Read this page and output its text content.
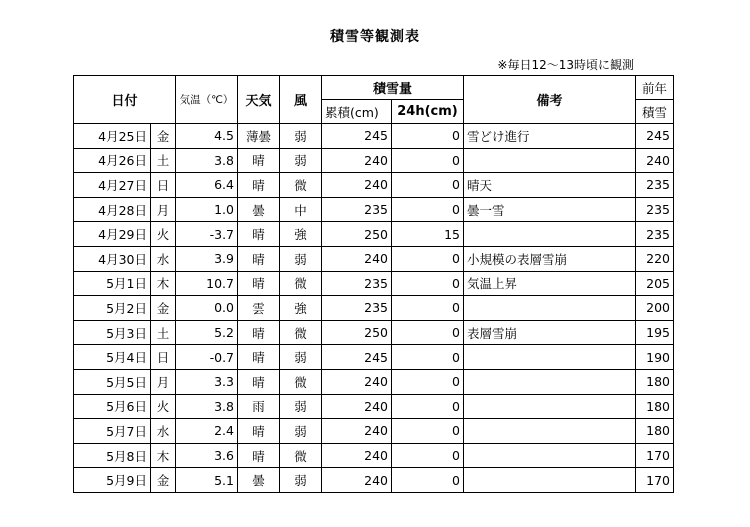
積雪等観測表
※毎日12～13時頃に観測
日付		気温（℃）	天気	風	積雪量		備考	前年
					累積(cm)	24h(cm)		積雪
4月25日	金	4.5	薄曇	弱	245	0	雪どけ進行	245
4月26日	土	3.8	晴	弱	240	0		240
4月27日	日	6.4	晴	微	240	0	晴天	235
4月28日	月	1.0	曇	中	235	0	曇一雪	235
4月29日	火	-3.7	晴	強	250	15		235
4月30日	水	3.9	晴	弱	240	0	小規模の表層雪崩	220
5月1日	木	10.7	晴	微	235	0	気温上昇	205
5月2日	金	0.0	雲	強	235	0		200
5月3日	土	5.2	晴	微	250	0	表層雪崩	195
5月4日	日	-0.7	晴	弱	245	0		190
5月5日	月	3.3	晴	微	240	0		180
5月6日	火	3.8	雨	弱	240	0		180
5月7日	水	2.4	晴	弱	240	0		180
5月8日	木	3.6	晴	微	240	0		170
5月9日	金	5.1	曇	弱	240	0		170
